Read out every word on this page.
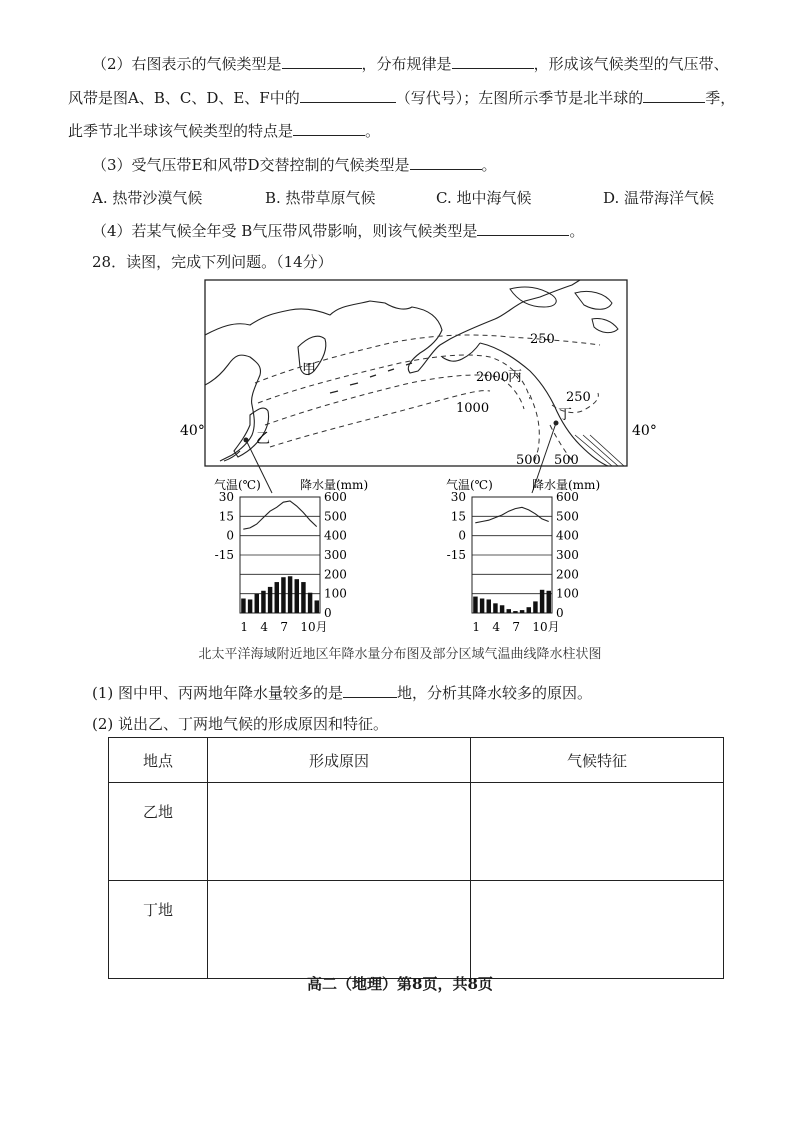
（2）右图表示的气候类型是	，分布规律是	，形成该气候类型的气压带、
风带是图A、B、C、D、E、F中的	（写代号）；左图所示季节是北半球的	季，
此季节北半球该气候类型的特点是	。
（3）受气压带E和风带D交替控制的气候类型是	。
A. 热带沙漠气候	B. 热带草原气候	C. 地中海气候	D. 温带海洋气候
（4）若某气候全年受 B气压带风带影响，则该气候类型是	。
28．读图，完成下列问题。（14分）
甲
乙
丙
丁
250
2000
1000
250
500 500
40°	40°
气温(℃)	降水量(mm)
600
500
400
300
200
100
0
30
15
0
-15
1 4 7 10月
气温(℃)	降水量(mm)
600
500
400
300
200
100
0
30
15
0
-15
1 4 7 10月
北太平洋海域附近地区年降水量分布图及部分区域气温曲线降水柱状图
(1) 图中甲、丙两地年降水量较多的是	地，分析其降水较多的原因。
(2) 说出乙、丁两地气候的形成原因和特征。
地点	形成原因	气候特征
乙地		
丁地		
高二（地理）第8页，共8页
